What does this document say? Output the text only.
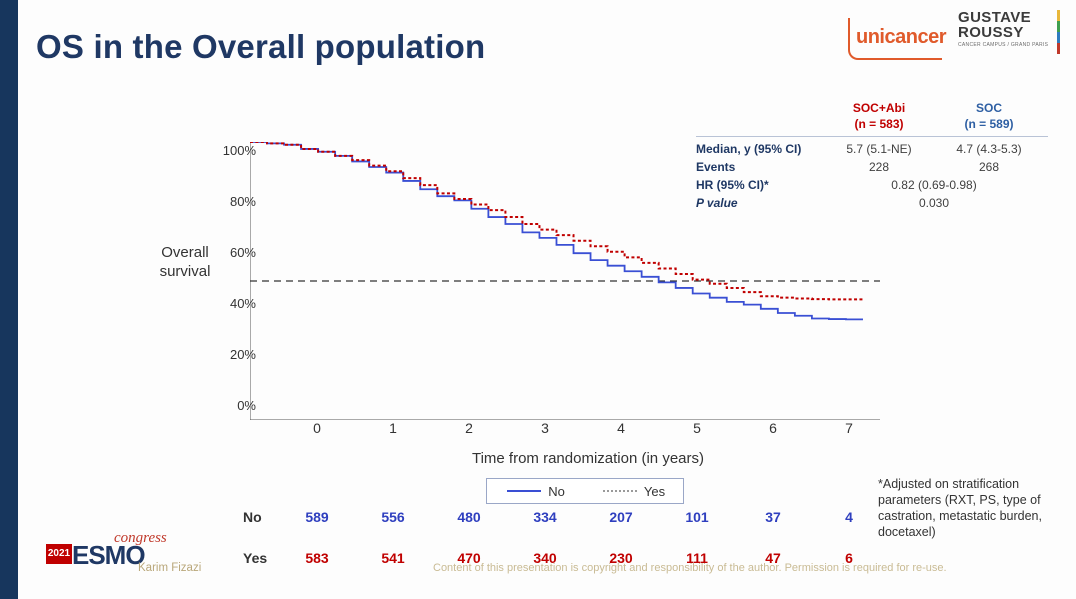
OS in the Overall population	unicancer
GUSTAVE
ROUSSY
CANCER CAMPUS / GRAND PARIS
SOC+Abi
(n = 583)
SOC
(n = 589)
Median, y (95% CI)	5.7 (5.1-NE)	4.7 (4.3-5.3)
Events	228	268
HR (95% CI)*	0.82 (0.69-0.98)
P value	0.030
Overall
survival
Time from randomization (in years)
100%
80%
60%
40%
20%
0%
0	1	2	3	4	5	6	7
No	Yes
No
Yes
589	556	480	334	207	101	37	4
583	541	470	340	230	111	47	6
*Adjusted on stratification parameters (RXT, PS, type of castration, metastatic burden, docetaxel)
2021 ESMO
congress
Karim Fizazi	Content of this presentation is copyright and responsibility of the author. Permission is required for re-use.
